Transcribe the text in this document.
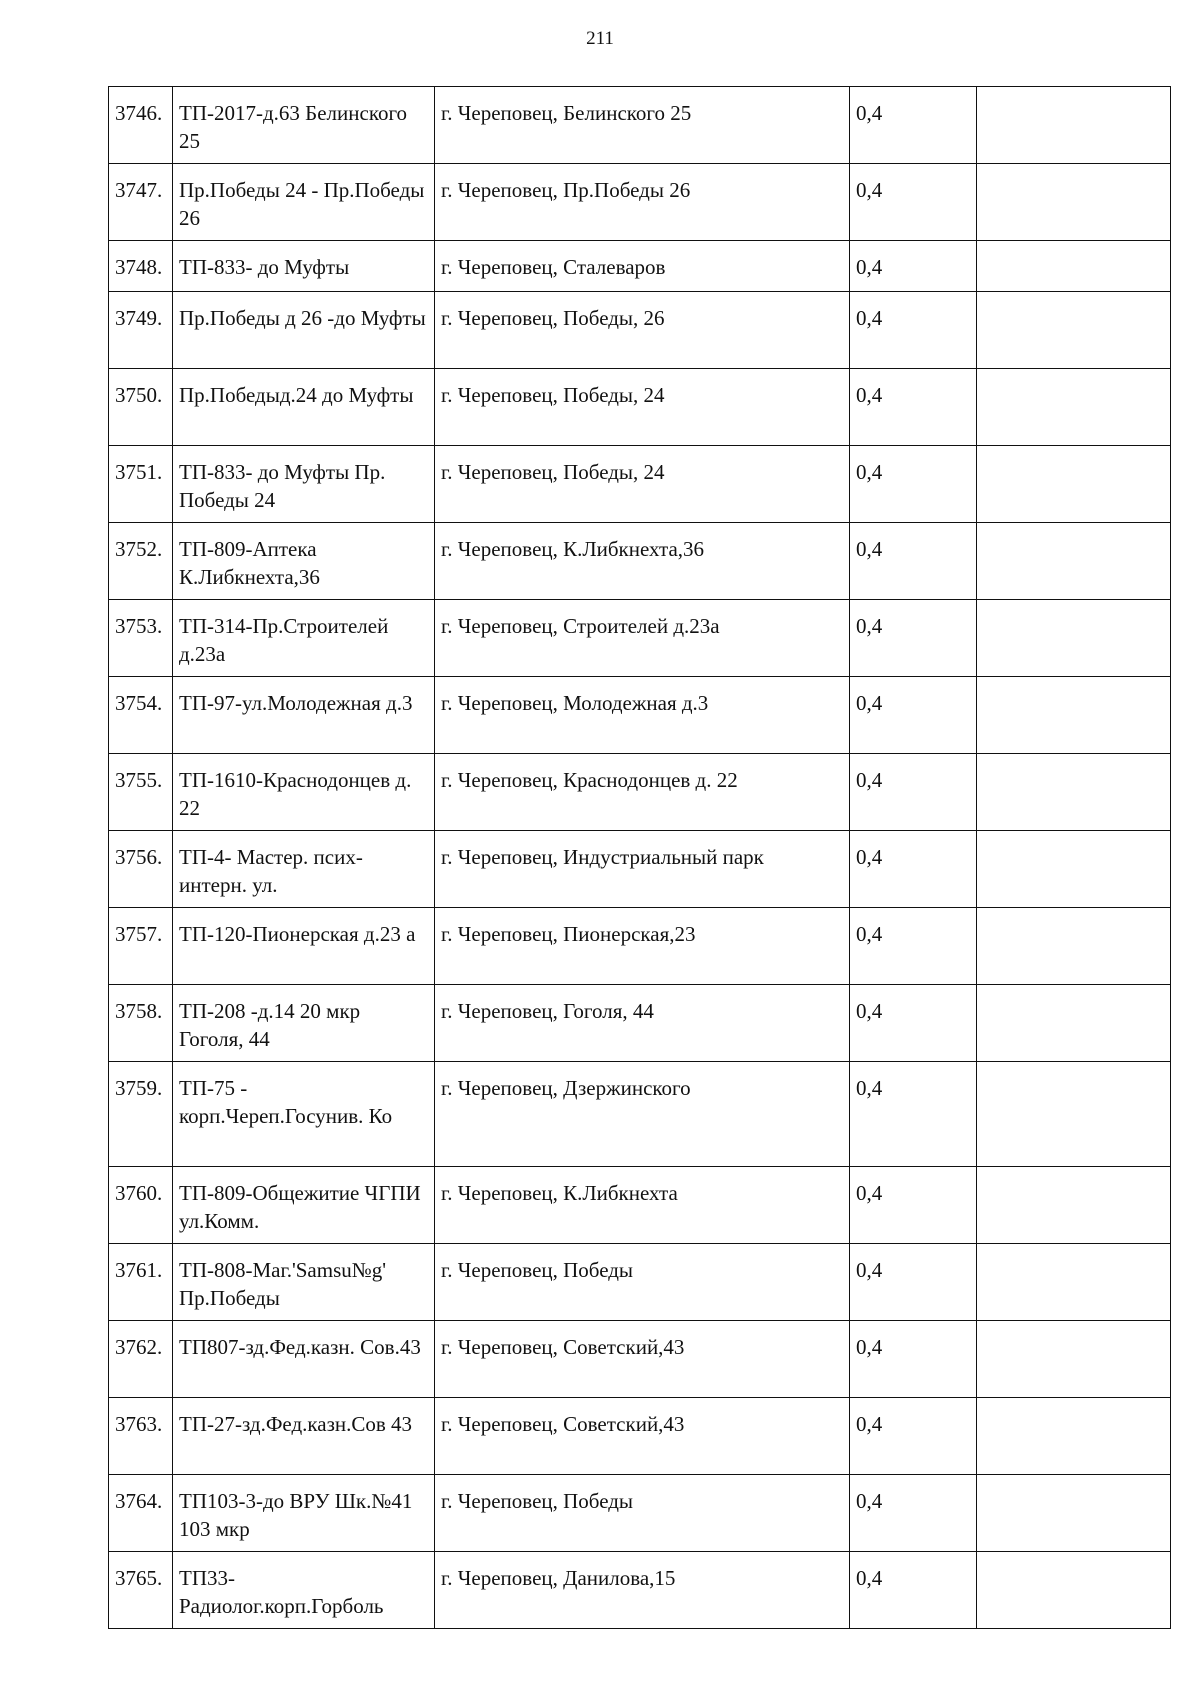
211
3746.	ТП-2017-д.63 Белинского 25	г. Череповец, Белинского 25	0,4	
3747.	Пр.Победы 24 - Пр.Победы 26	г. Череповец, Пр.Победы 26	0,4	
3748.	ТП-833- до Муфты	г. Череповец, Сталеваров	0,4	
3749.	Пр.Победы д 26 -до Муфты	г. Череповец, Победы, 26	0,4	
3750.	Пр.Победыд.24 до Муфты	г. Череповец, Победы, 24	0,4	
3751.	ТП-833- до Муфты Пр. Победы 24	г. Череповец, Победы, 24	0,4	
3752.	ТП-809-Аптека К.Либкнехта,36	г. Череповец, К.Либкнехта,36	0,4	
3753.	ТП-314-Пр.Строителей д.23а	г. Череповец, Строителей д.23а	0,4	
3754.	ТП-97-ул.Молодежная д.3	г. Череповец, Молодежная д.3	0,4	
3755.	ТП-1610-Краснодонцев д. 22	г. Череповец, Краснодонцев д. 22	0,4	
3756.	ТП-4- Мастер. псих-интерн. ул.	г. Череповец, Индустриальный парк	0,4	
3757.	ТП-120-Пионерская д.23 а	г. Череповец, Пионерская,23	0,4	
3758.	ТП-208 -д.14 20 мкр Гоголя, 44	г. Череповец, Гоголя, 44	0,4	
3759.	ТП-75 - корп.Череп.Госунив. Ко	г. Череповец, Дзержинского	0,4	
3760.	ТП-809-Общежитие ЧГПИ ул.Комм.	г. Череповец, К.Либкнехта	0,4	
3761.	ТП-808-Маг.'Samsu№g' Пр.Победы	г. Череповец, Победы	0,4	
3762.	ТП807-зд.Фед.казн. Сов.43	г. Череповец, Советский,43	0,4	
3763.	ТП-27-зд.Фед.казн.Сов 43	г. Череповец, Советский,43	0,4	
3764.	ТП103-3-до ВРУ Шк.№41 103 мкр	г. Череповец, Победы	0,4	
3765.	ТП33-Радиолог.корп.Горболь	г. Череповец, Данилова,15	0,4	
